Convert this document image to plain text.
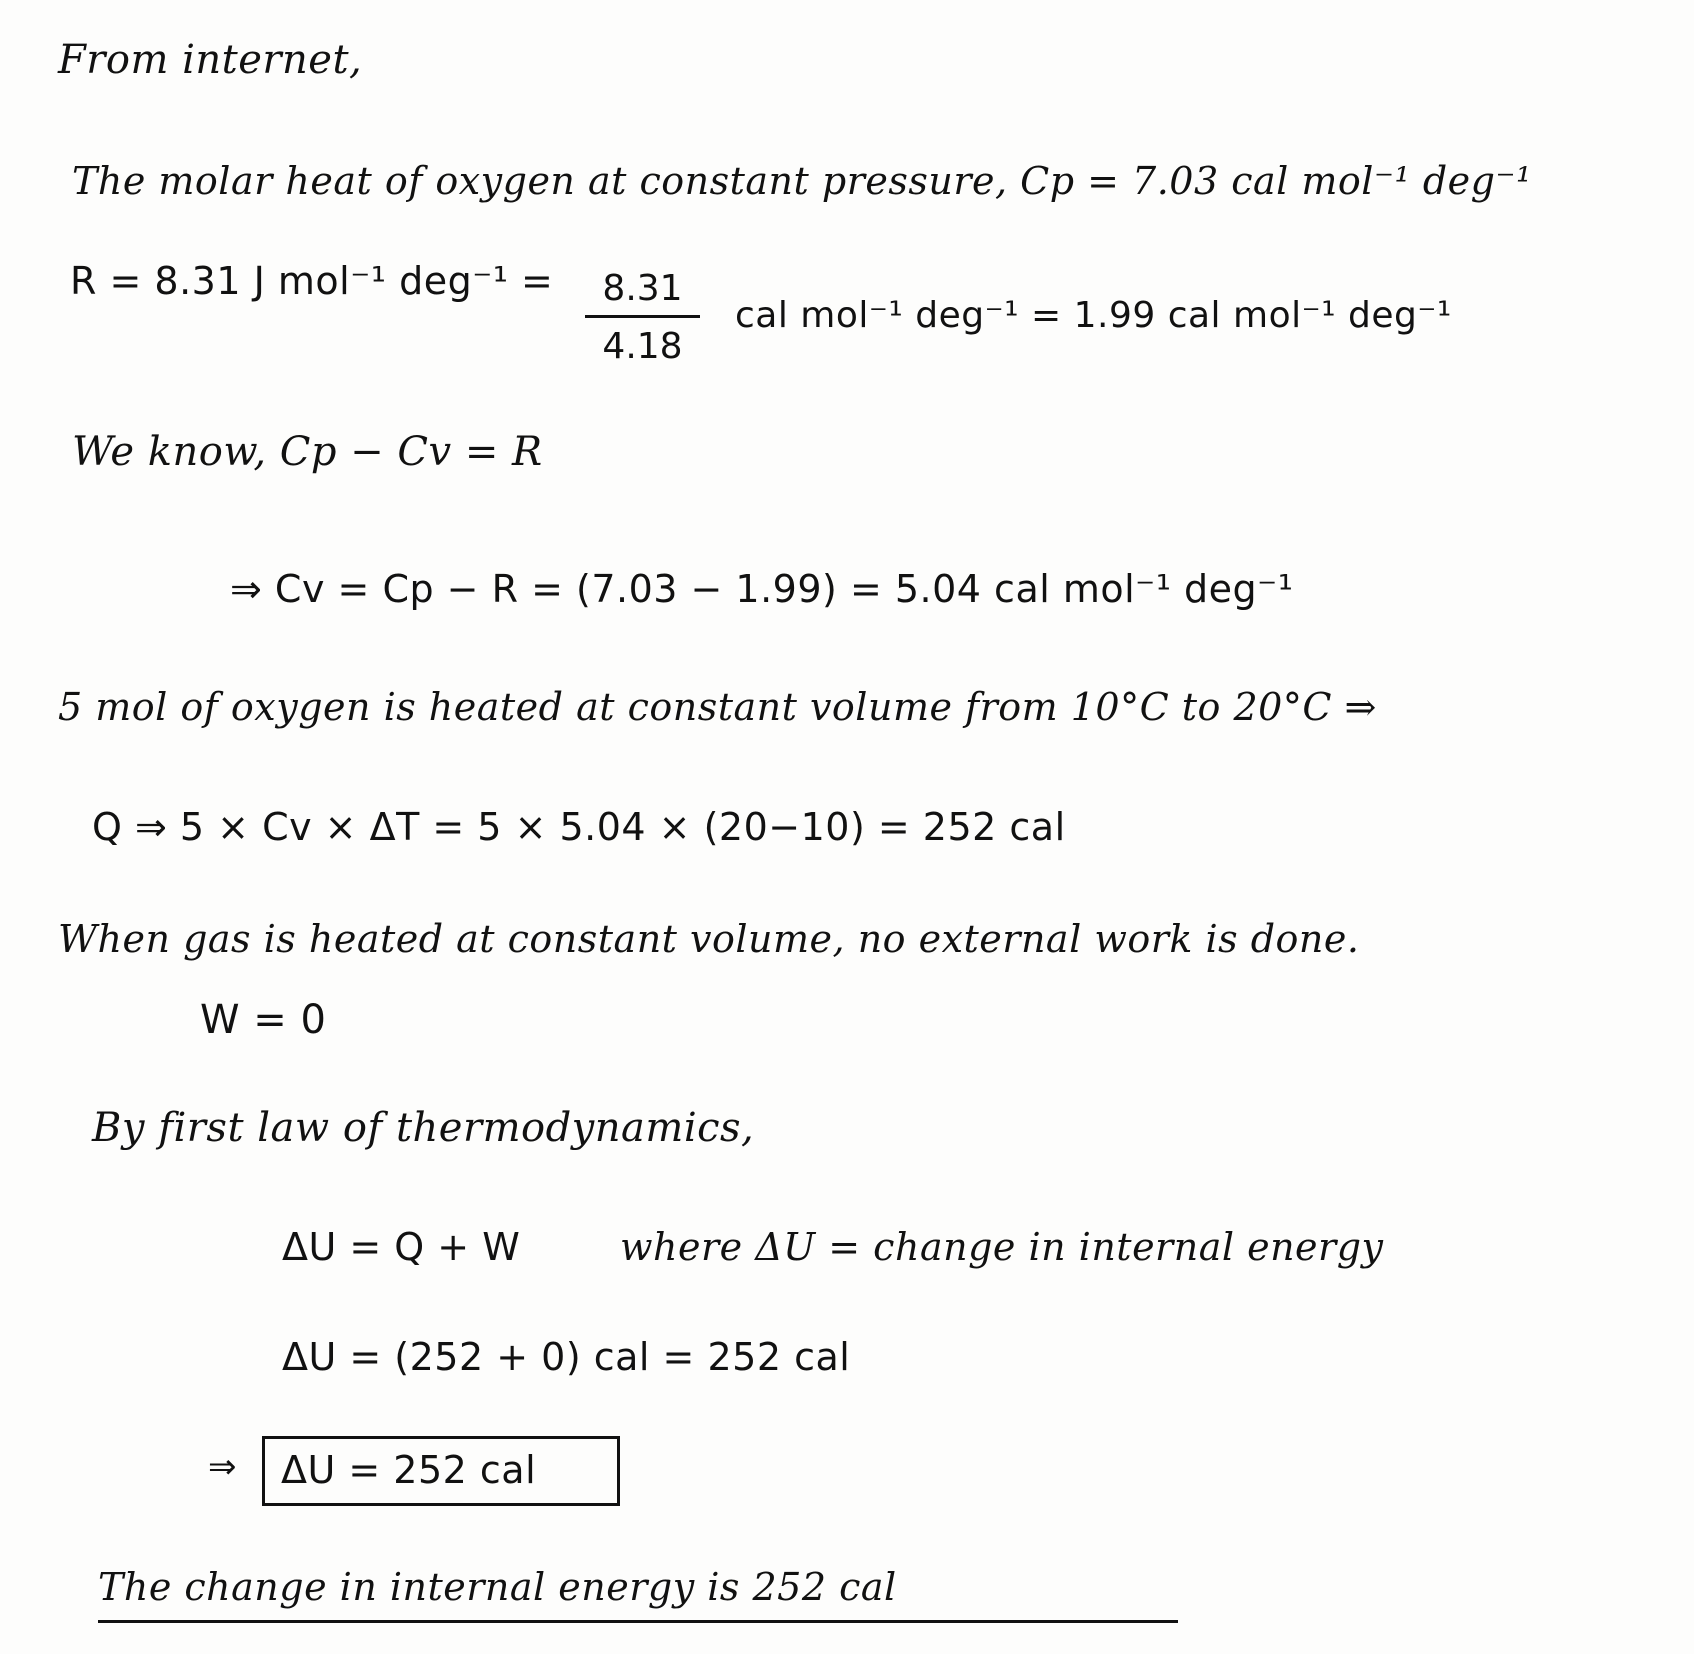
From internet,
The molar heat of oxygen at constant pressure, Cp = 7.03 cal mol⁻¹ deg⁻¹
R = 8.31 J mol⁻¹ $deg^{-1} = \frac{8.31}{4.18}$ cal mol⁻¹ deg⁻¹ = 1.99 cal mol⁻¹ deg⁻¹
We know, Cp − Cv = R
⇒ Cv = Cp − R = (7.03 − 1.99) = 5.04 cal mol⁻¹ deg⁻¹
5 mol of oxygen is heated at constant volume from 10°C to 20°C ⇒
Q ⇒ 5 × Cv × ΔT = 5 × 5.04 × (20−10) = 252 cal
When gas is heated at constant volume, no external work is done.
W = 0
By first law of thermodynamics,
ΔU = Q + W	where ΔU = change in internal energy
ΔU = (252 + 0) cal = 252 cal
⇒ ΔU = 252 cal
The change in internal energy is 252 cal
